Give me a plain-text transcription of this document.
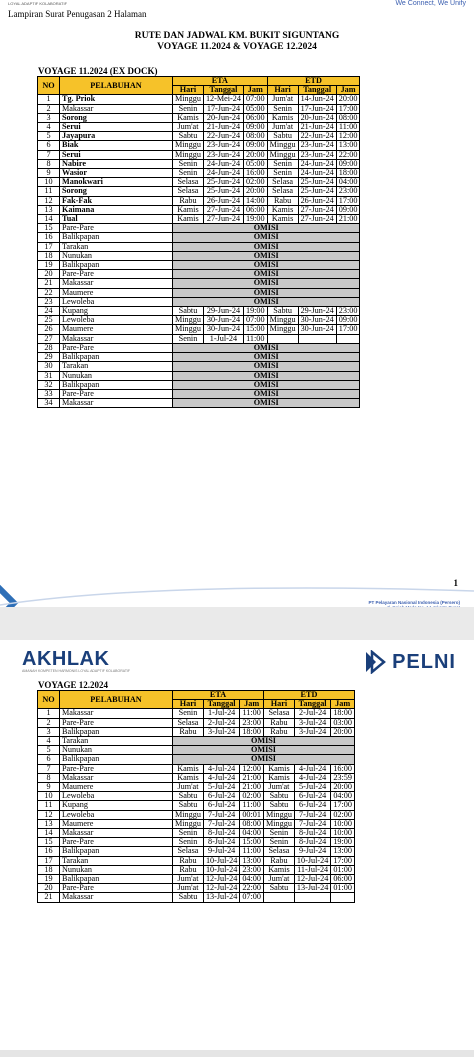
LOYAL ADAPTIF KOLABORATIF	We Connect, We Unify
Lampiran Surat Penugasan 2 Halaman
RUTE DAN JADWAL KM. BUKIT SIGUNTANG
VOYAGE 11.2024 & VOYAGE 12.2024
VOYAGE 11.2024 (EX DOCK)
NO	PELABUHAN	ETA			ETD		
		Hari	Tanggal	Jam	Hari	Tanggal	Jam
1	Tg. Priok	Minggu	12-Mei-24	07:00	Jum'at	14-Jun-24	20:00
2	Makassar	Senin	17-Jun-24	05:00	Senin	17-Jun-24	17:00
3	Sorong	Kamis	20-Jun-24	06:00	Kamis	20-Jun-24	08:00
4	Serui	Jum'at	21-Jun-24	09:00	Jum'at	21-Jun-24	11:00
5	Jayapura	Sabtu	22-Jun-24	08:00	Sabtu	22-Jun-24	12:00
6	Biak	Minggu	23-Jun-24	09:00	Minggu	23-Jun-24	13:00
7	Serui	Minggu	23-Jun-24	20:00	Minggu	23-Jun-24	22:00
8	Nabire	Senin	24-Jun-24	05:00	Senin	24-Jun-24	09:00
9	Wasior	Senin	24-Jun-24	16:00	Senin	24-Jun-24	18:00
10	Manokwari	Selasa	25-Jun-24	02:00	Selasa	25-Jun-24	04:00
11	Sorong	Selasa	25-Jun-24	20:00	Selasa	25-Jun-24	23:00
12	Fak-Fak	Rabu	26-Jun-24	14:00	Rabu	26-Jun-24	17:00
13	Kaimana	Kamis	27-Jun-24	06:00	Kamis	27-Jun-24	09:00
14	Tual	Kamis	27-Jun-24	19:00	Kamis	27-Jun-24	21:00
15	Pare-Pare	OMISI					
16	Balikpapan	OMISI					
17	Tarakan	OMISI					
18	Nunukan	OMISI					
19	Balikpapan	OMISI					
20	Pare-Pare	OMISI					
21	Makassar	OMISI					
22	Maumere	OMISI					
23	Lewoleba	OMISI					
24	Kupang	Sabtu	29-Jun-24	19:00	Sabtu	29-Jun-24	23:00
25	Lewoleba	Minggu	30-Jun-24	07:00	Minggu	30-Jun-24	09:00
26	Maumere	Minggu	30-Jun-24	15:00	Minggu	30-Jun-24	17:00
27	Makassar	Senin	1-Jul-24	11:00			
28	Pare-Pare	OMISI					
29	Balikpapan	OMISI					
30	Tarakan	OMISI					
31	Nunukan	OMISI					
32	Balikpapan	OMISI					
33	Pare-Pare	OMISI					
34	Makassar	OMISI					
1
PT Pelayaran Nasional Indonesia (Persero)
AKHLAK
AMANAH KOMPETEN HARMONIS LOYAL ADAPTIF KOLABORATIF	PELNI
VOYAGE 12.2024
NO	PELABUHAN	ETA			ETD		
		Hari	Tanggal	Jam	Hari	Tanggal	Jam
1	Makassar	Senin	1-Jul-24	11:00	Selasa	2-Jul-24	18:00
2	Pare-Pare	Selasa	2-Jul-24	23:00	Rabu	3-Jul-24	03:00
3	Balikpapan	Rabu	3-Jul-24	18:00	Rabu	3-Jul-24	20:00
4	Tarakan	OMISI					
5	Nunukan	OMISI					
6	Balikpapan	OMISI					
7	Pare-Pare	Kamis	4-Jul-24	12:00	Kamis	4-Jul-24	16:00
8	Makassar	Kamis	4-Jul-24	21:00	Kamis	4-Jul-24	23:59
9	Maumere	Jum'at	5-Jul-24	21:00	Jum'at	5-Jul-24	20:00
10	Lewoleba	Sabtu	6-Jul-24	02:00	Sabtu	6-Jul-24	04:00
11	Kupang	Sabtu	6-Jul-24	11:00	Sabtu	6-Jul-24	17:00
12	Lewoleba	Minggu	7-Jul-24	00:01	Minggu	7-Jul-24	02:00
13	Maumere	Minggu	7-Jul-24	08:00	Minggu	7-Jul-24	10:00
14	Makassar	Senin	8-Jul-24	04:00	Senin	8-Jul-24	10:00
15	Pare-Pare	Senin	8-Jul-24	15:00	Senin	8-Jul-24	19:00
16	Balikpapan	Selasa	9-Jul-24	11:00	Selasa	9-Jul-24	13:00
17	Tarakan	Rabu	10-Jul-24	13:00	Rabu	10-Jul-24	17:00
18	Nunukan	Rabu	10-Jul-24	23:00	Kamis	11-Jul-24	01:00
19	Balikpapan	Jum'at	12-Jul-24	04:00	Jum'at	12-Jul-24	06:00
20	Pare-Pare	Jum'at	12-Jul-24	22:00	Sabtu	13-Jul-24	01:00
21	Makassar	Sabtu	13-Jul-24	07:00			
